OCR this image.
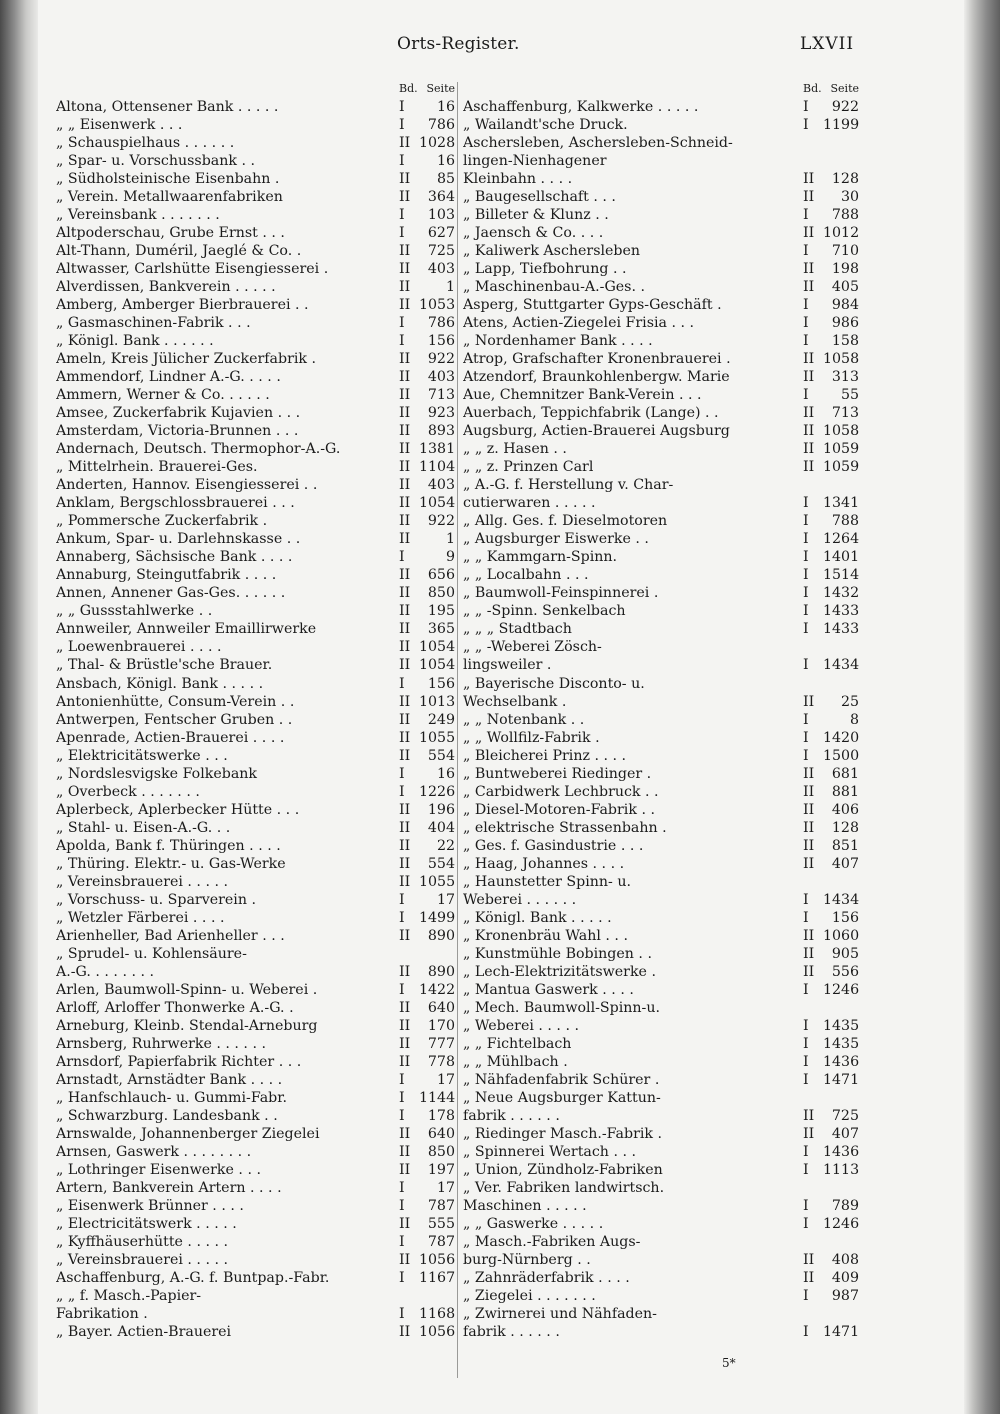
Orts-Register.	LXVII
Bd. Seite
Altona, Ottensener Bank . . . . .	I	16
„ „ Eisenwerk . . .	I	786
„ Schauspielhaus . . . . . .	II 1028
„ Spar- u. Vorschussbank . .	I	16
„ Südholsteinische Eisenbahn .	II	85
„ Verein. Metallwaarenfabriken	II	364
„ Vereinsbank . . . . . . .	I	103
Altpoderschau, Grube Ernst . . .	I	627
Alt-Thann, Duméril, Jaeglé & Co. .	II	725
Altwasser, Carlshütte Eisengiesserei .	II	403
Alverdissen, Bankverein . . . . .	II	1
Amberg, Amberger Bierbrauerei . .	II 1053
„ Gasmaschinen-Fabrik . . .	I	786
„ Königl. Bank . . . . . .	I	156
Ameln, Kreis Jülicher Zuckerfabrik .	II	922
Ammendorf, Lindner A.-G. . . . .	II	403
Ammern, Werner & Co. . . . . .	II	713
Amsee, Zuckerfabrik Kujavien . . .	II	923
Amsterdam, Victoria-Brunnen . . .	II	893
Andernach, Deutsch. Thermophor-A.-G.	II 1381
„ Mittelrhein. Brauerei-Ges.	II 1104
Anderten, Hannov. Eisengiesserei . .	II	403
Anklam, Bergschlossbrauerei . . .	II 1054
„ Pommersche Zuckerfabrik .	II	922
Ankum, Spar- u. Darlehnskasse . .	II	1
Annaberg, Sächsische Bank . . . .	I	9
Annaburg, Steingutfabrik . . . .	II	656
Annen, Annener Gas-Ges. . . . . .	II	850
„ „ Gussstahlwerke . .	II	195
Annweiler, Annweiler Emaillirwerke	II	365
„ Loewenbrauerei . . . .	II 1054
„ Thal- & Brüstle'sche Brauer.	II 1054
Ansbach, Königl. Bank . . . . .	I	156
Antonienhütte, Consum-Verein . .	II 1013
Antwerpen, Fentscher Gruben . .	II	249
Apenrade, Actien-Brauerei . . . .	II 1055
„ Elektricitätswerke . . .	II	554
„ Nordslesvigske Folkebank	I	16
„ Overbeck . . . . . . .	I	1226
Aplerbeck, Aplerbecker Hütte . . .	II	196
„ Stahl- u. Eisen-A.-G. . .	II	404
Apolda, Bank f. Thüringen . . . .	II	22
„ Thüring. Elektr.- u. Gas-Werke	II	554
„ Vereinsbrauerei . . . . .	II 1055
„ Vorschuss- u. Sparverein .	I	17
„ Wetzler Färberei . . . .	I	1499
Arienheller, Bad Arienheller . . .	II	890
„ Sprudel- u. Kohlensäure-
A.-G. . . . . . . .	II	890
Arlen, Baumwoll-Spinn- u. Weberei .	I	1422
Arloff, Arloffer Thonwerke A.-G. .	II	640
Arneburg, Kleinb. Stendal-Arneburg	II	170
Arnsberg, Ruhrwerke . . . . . .	II	777
Arnsdorf, Papierfabrik Richter . . .	II	778
Arnstadt, Arnstädter Bank . . . .	I	17
„ Hanfschlauch- u. Gummi-Fabr.	I	1144
„ Schwarzburg. Landesbank . .	I	178
Arnswalde, Johannenberger Ziegelei	II	640
Arnsen, Gaswerk . . . . . . . .	II	850
„ Lothringer Eisenwerke . . .	II	197
Artern, Bankverein Artern . . . .	I	17
„ Eisenwerk Brünner . . . .	I	787
„ Electricitätswerk . . . . .	II	555
„ Kyffhäuserhütte . . . . .	I	787
„ Vereinsbrauerei . . . . .	II 1056
Aschaffenburg, A.-G. f. Buntpap.-Fabr.	I	1167
„ „ f. Masch.-Papier-
Fabrikation .	I	1168
„ Bayer. Actien-Brauerei	II 1056
Bd. Seite
Aschaffenburg, Kalkwerke . . . . .	I	922
„ Wailandt'sche Druck.	I	1199
Aschersleben, Aschersleben-Schneid-
lingen-Nienhagener
Kleinbahn . . . .	II	128
„ Baugesellschaft . . .	II	30
„ Billeter & Klunz . .	I	788
„ Jaensch & Co. . . .	II 1012
„ Kaliwerk Aschersleben	I	710
„ Lapp, Tiefbohrung . .	II	198
„ Maschinenbau-A.-Ges. .	II	405
Asperg, Stuttgarter Gyps-Geschäft .	I	984
Atens, Actien-Ziegelei Frisia . . .	I	986
„ Nordenhamer Bank . . . .	I	158
Atrop, Grafschafter Kronenbrauerei .	II 1058
Atzendorf, Braunkohlenbergw. Marie	II	313
Aue, Chemnitzer Bank-Verein . . .	I	55
Auerbach, Teppichfabrik (Lange) . .	II	713
Augsburg, Actien-Brauerei Augsburg	II 1058
„ „ z. Hasen . .	II 1059
„ „ z. Prinzen Carl	II 1059
„ A.-G. f. Herstellung v. Char-
cutierwaren . . . . .	I	1341
„ Allg. Ges. f. Dieselmotoren	I	788
„ Augsburger Eiswerke . .	I	1264
„ „ Kammgarn-Spinn.	I	1401
„ „ Localbahn . . .	I	1514
„ Baumwoll-Feinspinnerei .	I	1432
„ „ -Spinn. Senkelbach	I	1433
„ „ „ Stadtbach	I	1433
„ „ -Weberei Zösch-
lingsweiler .	I	1434
„ Bayerische Disconto- u.
Wechselbank .	II	25
„ „ Notenbank . .	I	8
„ „ Wollfilz-Fabrik .	I	1420
„ Bleicherei Prinz . . . .	I	1500
„ Buntweberei Riedinger .	II	681
„ Carbidwerk Lechbruck . .	II	881
„ Diesel-Motoren-Fabrik . .	II	406
„ elektrische Strassenbahn .	II	128
„ Ges. f. Gasindustrie . . .	II	851
„ Haag, Johannes . . . .	II	407
„ Haunstetter Spinn- u.
Weberei . . . . . .	I	1434
„ Königl. Bank . . . . .	I	156
„ Kronenbräu Wahl . . .	II 1060
„ Kunstmühle Bobingen . .	II	905
„ Lech-Elektrizitätswerke .	II	556
„ Mantua Gaswerk . . . .	I	1246
„ Mech. Baumwoll-Spinn-u.
„ Weberei . . . . .	I	1435
„ „ Fichtelbach	I	1435
„ „ Mühlbach .	I	1436
„ Nähfadenfabrik Schürer .	I	1471
„ Neue Augsburger Kattun-
fabrik . . . . . .	II	725
„ Riedinger Masch.-Fabrik .	II	407
„ Spinnerei Wertach . . .	I	1436
„ Union, Zündholz-Fabriken	I	1113
„ Ver. Fabriken landwirtsch.
Maschinen . . . . .	I	789
„ „ Gaswerke . . . . .	I	1246
„ Masch.-Fabriken Augs-
burg-Nürnberg . .	II	408
„ Zahnräderfabrik . . . .	II	409
„ Ziegelei . . . . . . .	I	987
„ Zwirnerei und Nähfaden-
fabrik . . . . . .	I	1471
5*
